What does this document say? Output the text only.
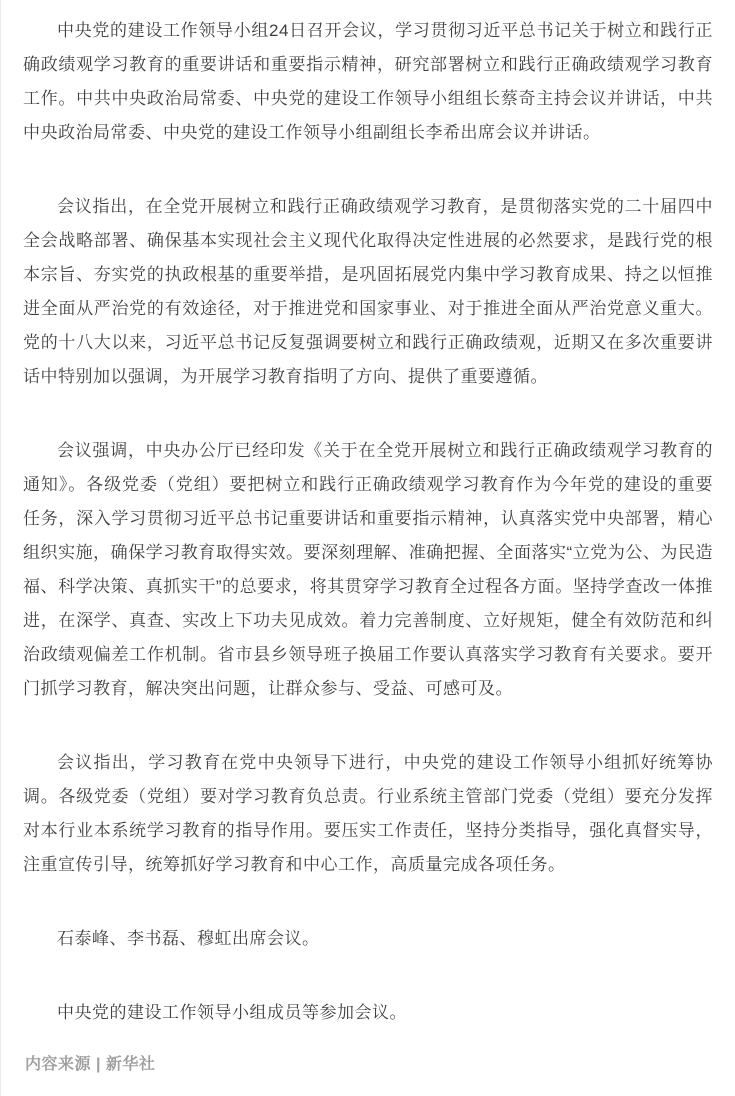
中央党的建设工作领导小组24日召开会议，学习贯彻习近平总书记关于树立和践行正确政绩观学习教育的重要讲话和重要指示精神，研究部署树立和践行正确政绩观学习教育工作。中共中央政治局常委、中央党的建设工作领导小组组长蔡奇主持会议并讲话，中共中央政治局常委、中央党的建设工作领导小组副组长李希出席会议并讲话。

会议指出，在全党开展树立和践行正确政绩观学习教育，是贯彻落实党的二十届四中全会战略部署、确保基本实现社会主义现代化取得决定性进展的必然要求，是践行党的根本宗旨、夯实党的执政根基的重要举措，是巩固拓展党内集中学习教育成果、持之以恒推进全面从严治党的有效途径，对于推进党和国家事业、对于推进全面从严治党意义重大。党的十八大以来，习近平总书记反复强调要树立和践行正确政绩观，近期又在多次重要讲话中特别加以强调，为开展学习教育指明了方向、提供了重要遵循。

会议强调，中央办公厅已经印发《关于在全党开展树立和践行正确政绩观学习教育的通知》。各级党委（党组）要把树立和践行正确政绩观学习教育作为今年党的建设的重要任务，深入学习贯彻习近平总书记重要讲话和重要指示精神，认真落实党中央部署，精心组织实施，确保学习教育取得实效。要深刻理解、准确把握、全面落实“立党为公、为民造福、科学决策、真抓实干”的总要求，将其贯穿学习教育全过程各方面。坚持学查改一体推进，在深学、真查、实改上下功夫见成效。着力完善制度、立好规矩，健全有效防范和纠治政绩观偏差工作机制。省市县乡领导班子换届工作要认真落实学习教育有关要求。要开门抓学习教育，解决突出问题，让群众参与、受益、可感可及。

会议指出，学习教育在党中央领导下进行，中央党的建设工作领导小组抓好统筹协调。各级党委（党组）要对学习教育负总责。行业系统主管部门党委（党组）要充分发挥对本行业本系统学习教育的指导作用。要压实工作责任，坚持分类指导，强化真督实导，注重宣传引导，统筹抓好学习教育和中心工作，高质量完成各项任务。

石泰峰、李书磊、穆虹出席会议。

中央党的建设工作领导小组成员等参加会议。

内容来源 | 新华社
